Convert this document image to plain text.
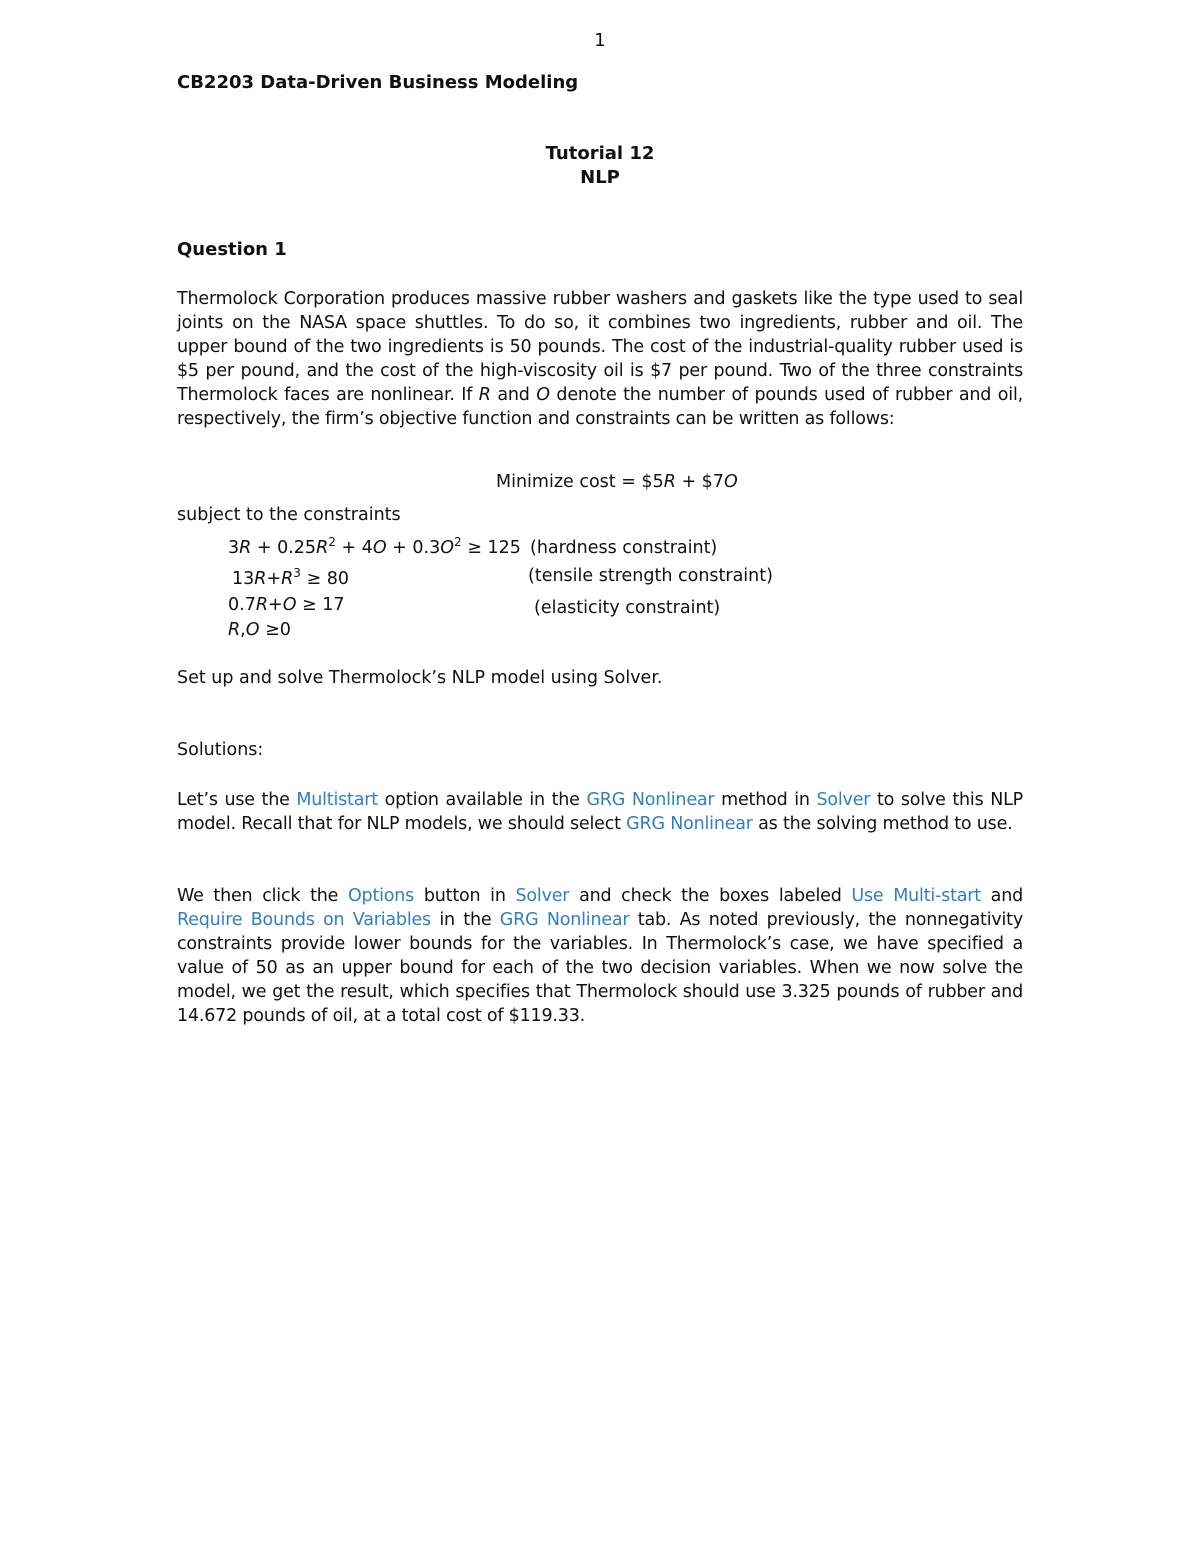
1
CB2203 Data-Driven Business Modeling
Tutorial 12
NLP
Question 1
Thermolock Corporation produces massive rubber washers and gaskets like the type used to seal joints on the NASA space shuttles. To do so, it combines two ingredients, rubber and oil. The upper bound of the two ingredients is 50 pounds. The cost of the industrial-quality rubber used is $5 per pound, and the cost of the high-viscosity oil is $7 per pound. Two of the three constraints Thermolock faces are nonlinear. If R and O denote the number of pounds used of rubber and oil, respectively, the firm’s objective function and constraints can be written as follows:
Minimize cost = $5R + $7O
subject to the constraints
$3R + 0.25R^2 + 4O + 0.3O^2 \ge 125$ (hardness constraint)
$13R+R^3 \ge 80$	(tensile strength constraint)
0.7R+O ≥ 17	(elasticity constraint)
R,O ≥0
Set up and solve Thermolock’s NLP model using Solver.
Solutions:
Let’s use the Multistart option available in the GRG Nonlinear method in Solver to solve this NLP model. Recall that for NLP models, we should select GRG Nonlinear as the solving method to use.
We then click the Options button in Solver and check the boxes labeled Use Multi-start and Require Bounds on Variables in the GRG Nonlinear tab. As noted previously, the nonnegativity constraints provide lower bounds for the variables. In Thermolock’s case, we have specified a value of 50 as an upper bound for each of the two decision variables. When we now solve the model, we get the result, which specifies that Thermolock should use 3.325 pounds of rubber and 14.672 pounds of oil, at a total cost of $119.33.
